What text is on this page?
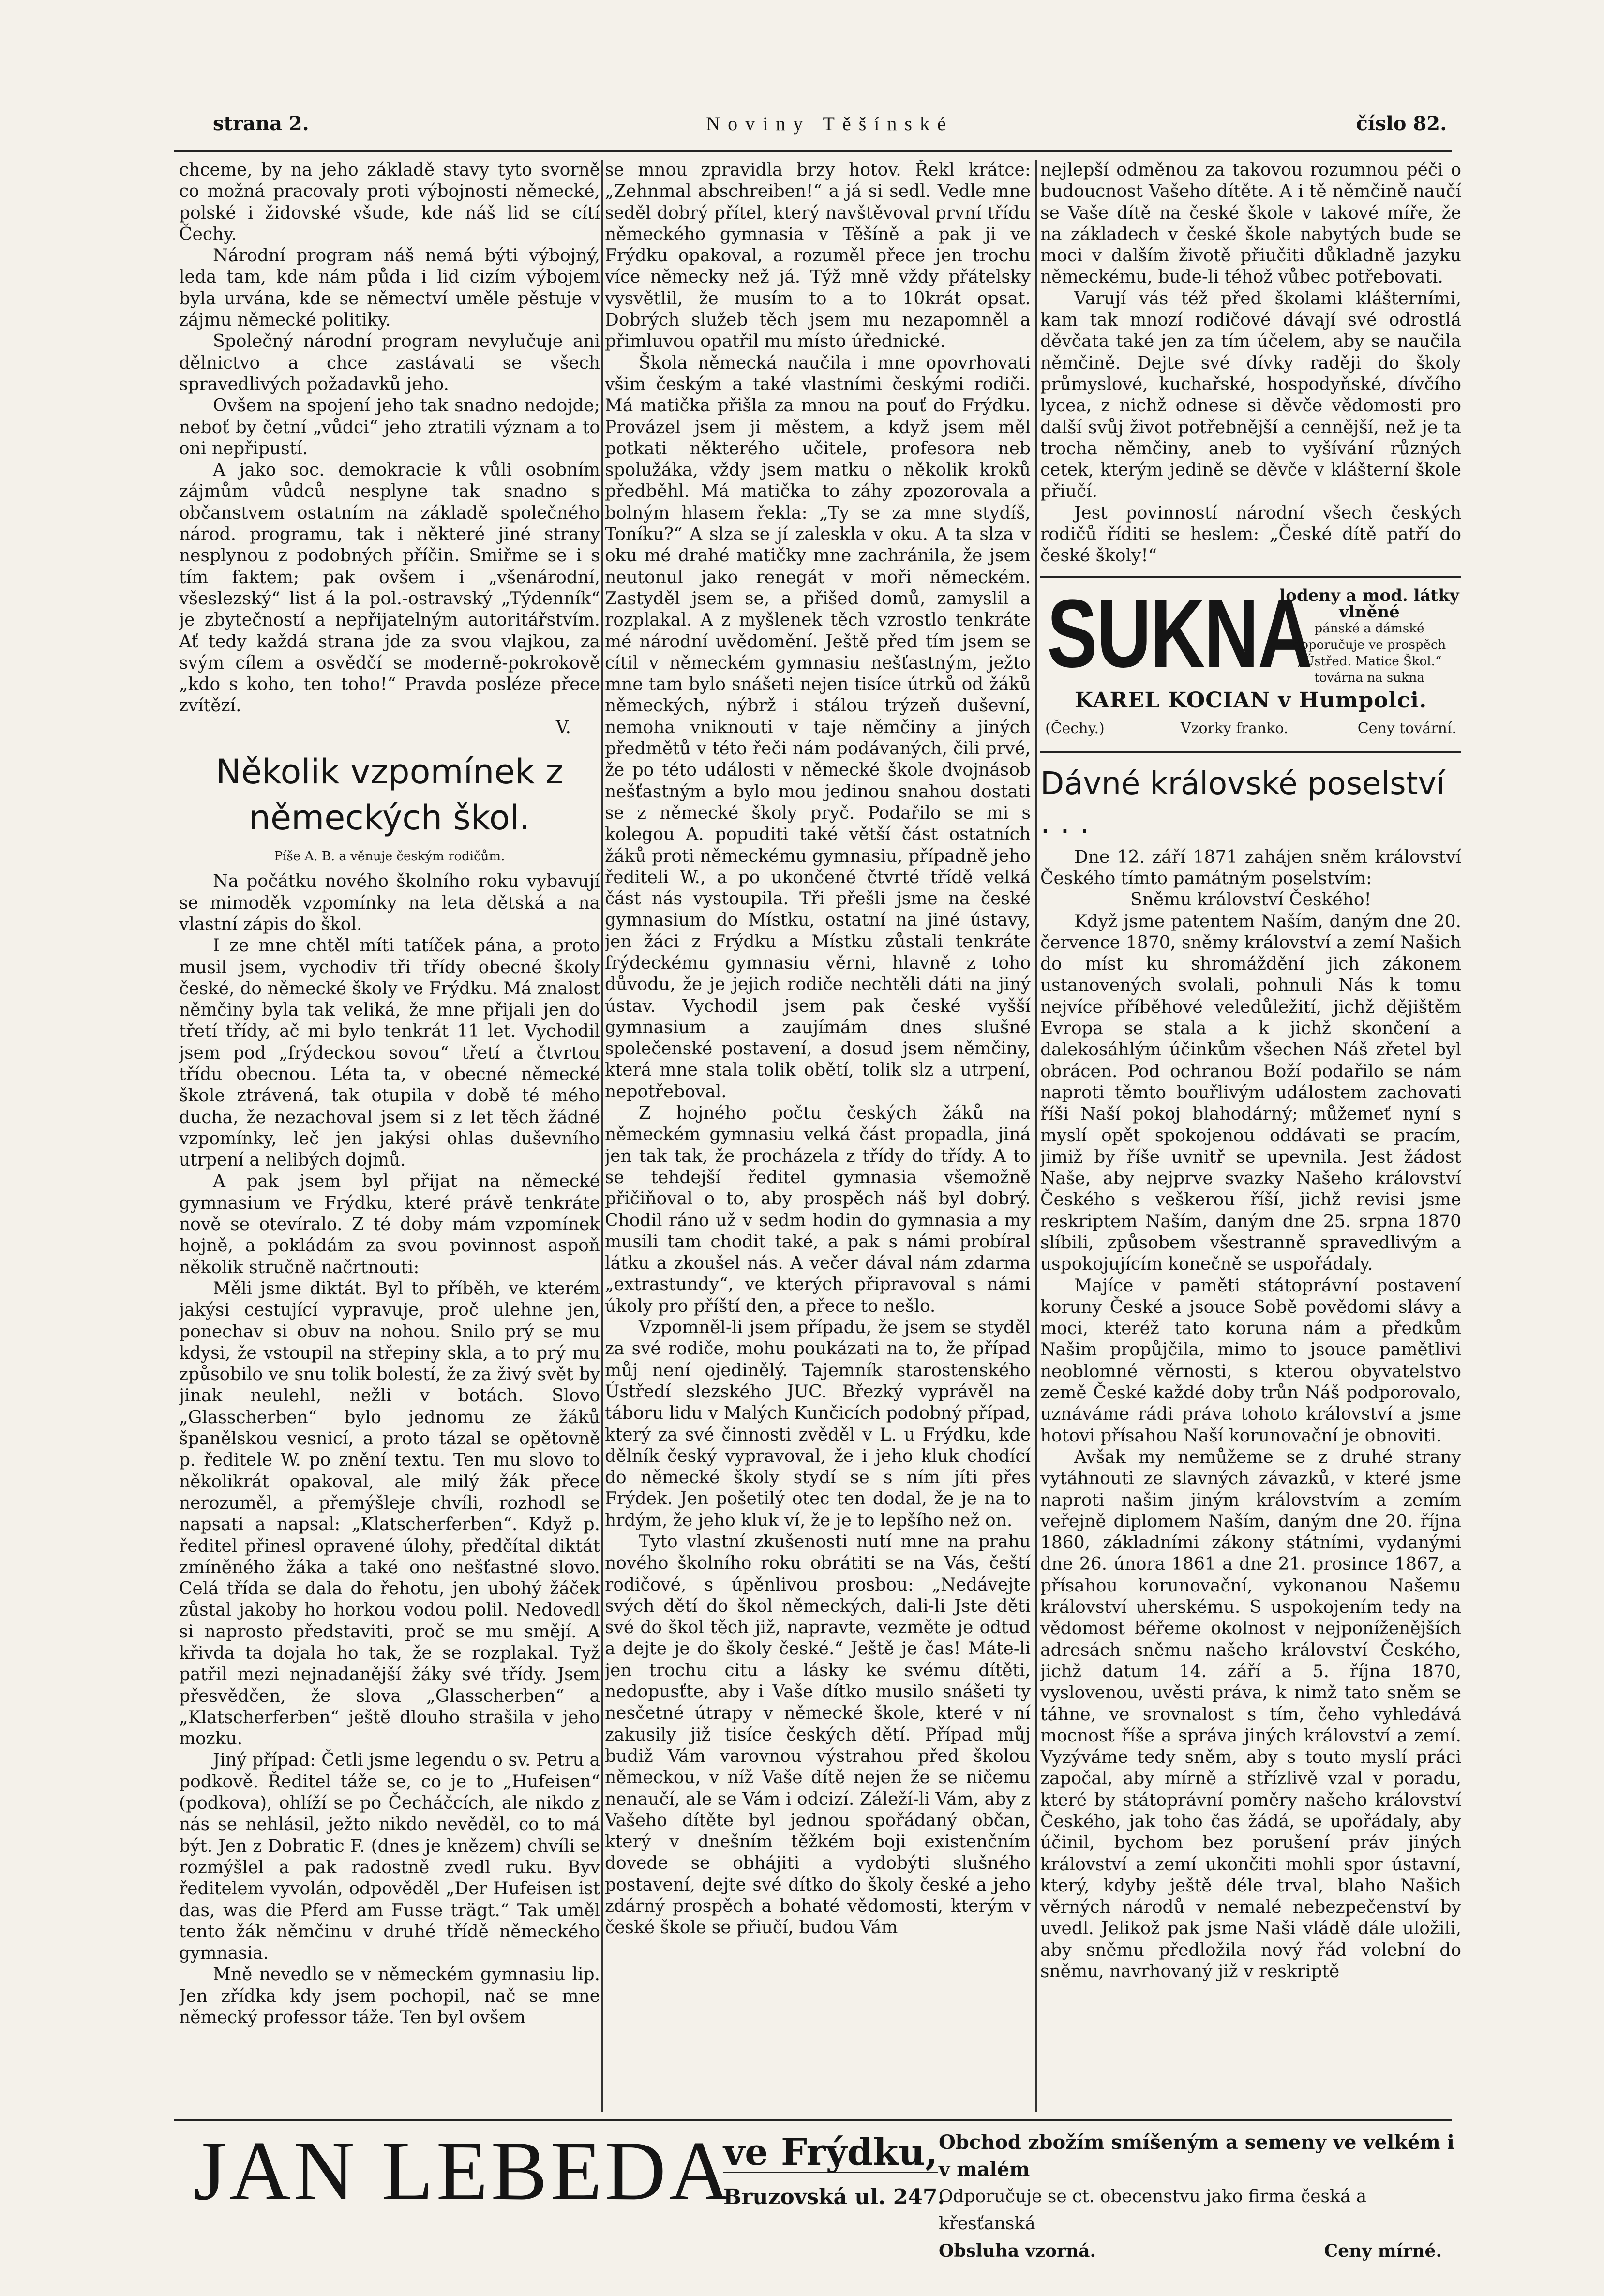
strana 2.	Noviny Těšínské	číslo 82.

chceme, by na jeho základě stavy tyto svorně co možná pracovaly proti výbojnosti německé, polské i židovské všude, kde náš lid se cítí Čechy.

Národní program náš nemá býti výbojný, leda tam, kde nám půda i lid cizím výbojem byla urvána, kde se němectví uměle pěstuje v zájmu německé politiky.

Společný národní program nevylučuje ani dělnictvo a chce zastávati se všech spravedlivých požadavků jeho.

Ovšem na spojení jeho tak snadno nedojde; neboť by četní „vůdci“ jeho ztratili význam a to oni nepřipustí.

A jako soc. demokracie k vůli osobním zájmům vůdců nesplyne tak snadno s občanstvem ostatním na základě společného národ. programu, tak i některé jiné strany nesplynou z podobných příčin. Smiřme se i s tím faktem; pak ovšem i „všenárodní, všeslezský“ list á la pol.-ostravský „Týdenník“ je zbytečností a nepřijatelným autoritářstvím. Ať tedy každá strana jde za svou vlajkou, za svým cílem a osvědčí se moderně-pokrokově „kdo s koho, ten toho!“ Pravda posléze přece zvítězí.

V.
Několik vzpomínek z německých škol.
Píše A. B. a věnuje českým rodičům.

Na počátku nového školního roku vybavují se mimoděk vzpomínky na leta dětská a na vlastní zápis do škol.

I ze mne chtěl míti tatíček pána, a proto musil jsem, vychodiv tři třídy obecné školy české, do německé školy ve Frýdku. Má znalost němčiny byla tak veliká, že mne přijali jen do třetí třídy, ač mi bylo tenkrát 11 let. Vychodil jsem pod „frýdeckou sovou“ třetí a čtvrtou třídu obecnou. Léta ta, v obecné německé škole ztrávená, tak otupila v době té mého ducha, že nezachoval jsem si z let těch žádné vzpomínky, leč jen jakýsi ohlas duševního utrpení a nelibých dojmů.

A pak jsem byl přijat na německé gymnasium ve Frýdku, které právě tenkráte nově se otevíralo. Z té doby mám vzpomínek hojně, a pokládám za svou povinnost aspoň několik stručně načrtnouti:

Měli jsme diktát. Byl to příběh, ve kterém jakýsi cestující vypravuje, proč ulehne jen, ponechav si obuv na nohou. Snilo prý se mu kdysi, že vstoupil na střepiny skla, a to prý mu způsobilo ve snu tolik bolestí, že za živý svět by jinak neulehl, nežli v botách. Slovo „Glasscherben“ bylo jednomu ze žáků španělskou vesnicí, a proto tázal se opětovně p. ředitele W. po znění textu. Ten mu slovo to několikrát opakoval, ale milý žák přece nerozuměl, a přemýšleje chvíli, rozhodl se napsati a napsal: „Klatscherferben“. Když p. ředitel přinesl opravené úlohy, předčítal diktát zmíněného žáka a také ono nešťastné slovo. Celá třída se dala do řehotu, jen ubohý žáček zůstal jakoby ho horkou vodou polil. Nedovedl si naprosto představiti, proč se mu smějí. A křivda ta dojala ho tak, že se rozplakal. Tyž patřil mezi nejnadanější žáky své třídy. Jsem přesvědčen, že slova „Glasscherben“ a „Klatscherferben“ ještě dlouho strašila v jeho mozku.

Jiný případ: Četli jsme legendu o sv. Petru a podkově. Ředitel táže se, co je to „Hufeisen“ (podkova), ohlíží se po Čecháčcích, ale nikdo z nás se nehlásil, ježto nikdo nevěděl, co to má být. Jen z Dobratic F. (dnes je knězem) chvíli se rozmýšlel a pak radostně zvedl ruku. Byv ředitelem vyvolán, odpověděl „Der Hufeisen ist das, was die Pferd am Fusse trägt.“ Tak uměl tento žák němčinu v druhé třídě německého gymnasia.

Mně nevedlo se v německém gymnasiu lip. Jen zřídka kdy jsem pochopil, nač se mne německý professor táže. Ten byl ovšem

se mnou zpravidla brzy hotov. Řekl krátce: „Zehnmal abschreiben!“ a já si sedl. Vedle mne seděl dobrý přítel, který navštěvoval první třídu německého gymnasia v Těšíně a pak ji ve Frýdku opakoval, a rozuměl přece jen trochu více německy než já. Týž mně vždy přátelsky vysvětlil, že musím to a to 10krát opsat. Dobrých služeb těch jsem mu nezapomněl a přimluvou opatřil mu místo úřednické.

Škola německá naučila i mne opovrhovati všim českým a také vlastními českými rodiči. Má matička přišla za mnou na pouť do Frýdku. Provázel jsem ji městem, a když jsem měl potkati některého učitele, profesora neb spolužáka, vždy jsem matku o několik kroků předběhl. Má matička to záhy zpozorovala a bolným hlasem řekla: „Ty se za mne stydíš, Toníku?“ A slza se jí zaleskla v oku. A ta slza v oku mé drahé matičky mne zachránila, že jsem neutonul jako renegát v moři německém. Zastyděl jsem se, a přišed domů, zamyslil a rozplakal. A z myšlenek těch vzrostlo tenkráte mé národní uvědomění. Ještě před tím jsem se cítil v německém gymnasiu nešťastným, ježto mne tam bylo snášeti nejen tisíce útrků od žáků německých, nýbrž i stálou trýzeň duševní, nemoha vniknouti v taje němčiny a jiných předmětů v této řeči nám podávaných, čili prvé, že po této události v německé škole dvojnásob nešťastným a bylo mou jedinou snahou dostati se z německé školy pryč. Podařilo se mi s kolegou A. popuditi také větší část ostatních žáků proti německému gymnasiu, případně jeho řediteli W., a po ukončené čtvrté třídě velká část nás vystoupila. Tři přešli jsme na české gymnasium do Místku, ostatní na jiné ústavy, jen žáci z Frýdku a Místku zůstali tenkráte frýdeckému gymnasiu věrni, hlavně z toho důvodu, že je jejich rodiče nechtěli dáti na jiný ústav. Vychodil jsem pak české vyšší gymnasium a zaujímám dnes slušné společenské postavení, a dosud jsem němčiny, která mne stala tolik obětí, tolik slz a utrpení, nepotřeboval.

Z hojného počtu českých žáků na německém gymnasiu velká část propadla, jiná jen tak tak, že procházela z třídy do třídy. A to se tehdejší ředitel gymnasia všemožně přičiňoval o to, aby prospěch náš byl dobrý. Chodil ráno už v sedm hodin do gymnasia a my musili tam chodit také, a pak s námi probíral látku a zkoušel nás. A večer dával nám zdarma „extrastundy“, ve kterých připravoval s námi úkoly pro příští den, a přece to nešlo.

Vzpomněl-li jsem případu, že jsem se styděl za své rodiče, mohu poukázati na to, že případ můj není ojedinělý. Tajemník starostenského Ústředí slezského JUC. Březký vyprávěl na táboru lidu v Malých Kunčicích podobný případ, který za své činnosti zvěděl v L. u Frýdku, kde dělník český vypravoval, že i jeho kluk chodící do německé školy stydí se s ním jíti přes Frýdek. Jen pošetilý otec ten dodal, že je na to hrdým, že jeho kluk ví, že je to lepšího než on.

Tyto vlastní zkušenosti nutí mne na prahu nového školního roku obrátiti se na Vás, čeští rodičové, s úpěnlivou prosbou: „Nedávejte svých dětí do škol německých, dali-li Jste děti své do škol těch již, napravte, vezměte je odtud a dejte je do školy české.“ Ještě je čas! Máte-li jen trochu citu a lásky ke svému dítěti, nedopusťte, aby i Vaše dítko musilo snášeti ty nesčetné útrapy v německé škole, které v ní zakusily již tisíce českých dětí. Případ můj budiž Vám varovnou výstrahou před školou německou, v níž Vaše dítě nejen že se ničemu nenaučí, ale se Vám i odcizí. Záleží-li Vám, aby z Vašeho dítěte byl jednou spořádaný občan, který v dnešním těžkém boji existenčním dovede se obhájiti a vydobýti slušného postavení, dejte své dítko do školy české a jeho zdárný prospěch a bohaté vědomosti, kterým v české škole se přiučí, budou Vám

nejlepší odměnou za takovou rozumnou péči o budoucnost Vašeho dítěte. A i tě němčině naučí se Vaše dítě na české škole v takové míře, že na základech v české škole nabytých bude se moci v dalším životě přiučiti důkladně jazyku německému, bude-li téhož vůbec potřebovati.

Varují vás též před školami klášterními, kam tak mnozí rodičové dávají své odrostlá děvčata také jen za tím účelem, aby se naučila němčině. Dejte své dívky raději do školy průmyslové, kuchařské, hospodyňské, dívčího lycea, z nichž odnese si děvče vědomosti pro další svůj život potřebnější a cennější, než je ta trocha němčiny, aneb to vyšívání různých cetek, kterým jedině se děvče v klášterní škole přiučí.

Jest povinností národní všech českých rodičů říditi se heslem: „České dítě patří do české školy!“

SUKNA
lodeny a mod. látky vlněné
pánské a dámské
doporučuje ve prospěch
„Ústřed. Matice Škol.“
továrna na sukna
KAREL KOCIAN v Humpolci.
(Čechy.)	Vzorky franko.	Ceny tovární.
Dávné královské poselství . . .

Dne 12. září 1871 zahájen sněm království Českého tímto památným poselstvím:

Sněmu království Českého!

Když jsme patentem Naším, daným dne 20. července 1870, sněmy království a zemí Našich do míst ku shromáždění jich zákonem ustanovených svolali, pohnuli Nás k tomu nejvíce příběhové veledůležití, jichž dějištěm Evropa se stala a k jichž skončení a dalekosáhlým účinkům všechen Náš zřetel byl obrácen. Pod ochranou Boží podařilo se nám naproti těmto bouřlivým událostem zachovati říši Naší pokoj blahodárný; můžemeť nyní s myslí opět spokojenou oddávati se pracím, jimiž by říše uvnitř se upevnila. Jest žádost Naše, aby nejprve svazky Našeho království Českého s veškerou říší, jichž revisi jsme reskriptem Naším, daným dne 25. srpna 1870 slíbili, způsobem všestranně spravedlivým a uspokojujícím konečně se uspořádaly.

Majíce v paměti státoprávní postavení koruny České a jsouce Sobě povědomi slávy a moci, kteréž tato koruna nám a předkům Našim propůjčila, mimo to jsouce pamětlivi neoblomné věrnosti, s kterou obyvatelstvo země České každé doby trůn Náš podporovalo, uznáváme rádi práva tohoto království a jsme hotovi přísahou Naší korunovační je obnoviti.

Avšak my nemůžeme se z druhé strany vytáhnouti ze slavných závazků, v které jsme naproti našim jiným královstvím a zemím veřejně diplomem Naším, daným dne 20. října 1860, základními zákony státními, vydanými dne 26. února 1861 a dne 21. prosince 1867, a přísahou korunovační, vykonanou Našemu království uherskému. S uspokojením tedy na vědomost béřeme okolnost v nejponíženějších adresách sněmu našeho království Českého, jichž datum 14. září a 5. října 1870, vyslovenou, uvěsti práva, k nimž tato sněm se táhne, ve srovnalost s tím, čeho vyhledává mocnost říše a správa jiných království a zemí. Vyzýváme tedy sněm, aby s touto myslí práci započal, aby mírně a střízlivě vzal v poradu, které by státoprávní poměry našeho království Českého, jak toho čas žádá, se upořádaly, aby účinil, bychom bez porušení práv jiných království a zemí ukončiti mohli spor ústavní, který, kdyby ještě déle trval, blaho Našich věrných národů v nemalé nebezpečenství by uvedl. Jelikož pak jsme Naši vládě dále uložili, aby sněmu předložila nový řád volební do sněmu, navrhovaný již v reskriptě

JAN LEBEDA
ve Frýdku,
Bruzovská ul. 247.
Obchod zbožím smíšeným a semeny ve velkém i v malém
Odporučuje se ct. obecenstvu jako firma česká a křesťanská
Obsluha vzorná.	Ceny mírné.
